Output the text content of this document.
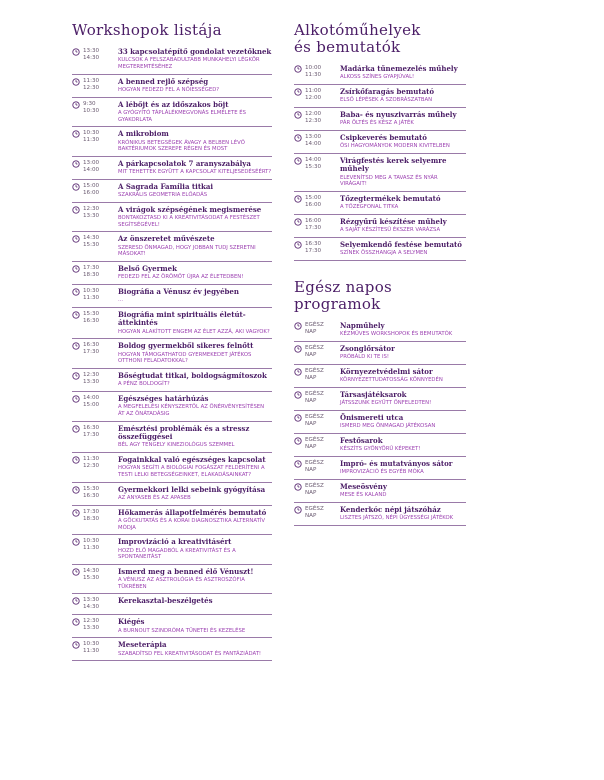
Workshopok listája
13:30
14:30
33 kapcsolatépítő gondolat vezetőknek
KULCSOK A FELSZABADULTABB MUNKAHELYI LÉGKÖR MEGTEREMTÉSÉHEZ
11:30
12:30
A benned rejlő szépség
HOGYAN FEDEZD FEL A NŐIESSÉGED?
9:30
10:30
A lébőjt és az időszakos böjt
A GYÓGYÍTÓ TÁPLÁLÉKMEGVONÁS ELMÉLETE ÉS GYAKORLATA
10:30
11:30
A mikrobiom
KRÓNIKUS BETEGSÉGEK ÁVAGY A BELBEN LÉVŐ BAKTÉRIUMOK SZEREPE RÉGEN ÉS MOST
13:00
14:00
A párkapcsolatok 7 aranyszabálya
MIT TEHETTEK EGYÜTT A KAPCSOLAT KITELJESEDÉSÉÉRT?
15:00
16:00
A Sagrada Família titkai
SZAKRÁLIS GEOMETRIA ELŐADÁS
12:30
13:30
A virágok szépségének megismerése
BONTAKOZTASD KI A KREATIVITÁSODAT A FESTÉSZET SEGÍTSÉGÉVEL!
14:30
15:30
Az önszeretet művészete
SZERESD ÖNMAGAD, HOGY JOBBAN TUDJ SZERETNI MÁSOKAT!
17:30
18:30
Belső Gyermek
FEDEZD FEL AZ ÖRÖMÖT ÚJRA AZ ÉLETEDBEN!
10:30
11:30
Biográfia a Vénusz év jegyében
...
15:30
16:30
Biográfia mint spirituális életút-áttekintés
HOGYAN ALAKÍTOTT ENGEM AZ ÉLET AZZÁ, AKI VAGYOK?
16:30
17:30
Boldog gyermekből sikeres felnőtt
HOGYAN TÁMOGATHATOD GYERMEKEDET JÁTÉKOS OTTHONI FELADATOKKAL?
12:30
13:30
Bőségtudat titkai, boldogságmítoszok
A PÉNZ BOLDOGÍT?
14:00
15:00
Egészséges határhúzás
A MEGFELELÉSI KÉNYSZERTŐL AZ ÖNÉRVÉNYESÍTÉSEN ÁT AZ ÖNÁTADÁSIG
16:30
17:30
Emésztési problémák és a stressz összefüggései
BÉL AGY TENGELY KINEZIOLÓGUS SZEMMEL
11:30
12:30
Fogainkkal való egészséges kapcsolat
HOGYAN SEGÍTI A BIOLÓGIAI FOGÁSZAT FELDERÍTENI A TESTI LELKI BETEGSÉGEINKET, ELAKADÁSAINKAT?
15:30
16:30
Gyermekkori lelki sebeink gyógyítása
AZ ANYASEB ÉS AZ APASEB
17:30
18:30
Hőkamerás állapotfelmérés bemutató
A GÖCKUTATÁS ÉS A KORAI DIAGNOSZTIKA ALTERNATÍV MÓDJA
10:30
11:30
Improvizáció a kreativitásért
HOZD ELŐ MAGADBÓL A KREATIVITÁST ÉS A SPONTANEITÁST
14:30
15:30
Ismerd meg a benned élő Vénuszt!
A VÉNUSZ AZ ASZTROLÓGIA ÉS ASZTROSZÓFIA TÜKRÉBEN
13:30
14:30
Kerekasztal-beszélgetés
12:30
13:30
Kiégés
A BURNOUT SZINDRÓMA TÜNETEI ÉS KEZELÉSE
10:30
11:30
Meseterápia
SZABADÍTSD FEL KREATIVITÁSODAT ÉS FANTÁZIÁDAT!
Alkotóműhelyek és bemutatók
10:00
11:30
Madárka tűnemezelés műhely
ALKOSS SZÍNES GYAPJÚVAL!
11:00
12:00
Zsírkőfaragás bemutató
ELSŐ LÉPÉSEK A SZOBRÁSZATBAN
12:00
12:30
Baba- és nyuszivarrás műhely
PÁR ÖLTÉS ÉS KÉSZ A JÁTÉK
13:00
14:00
Csipkeverés bemutató
ŐSI HAGYOMÁNYOK MODERN KIVITELBEN
14:00
15:30
Virágfestés kerek selyemre műhely
ELEVENÍTSD MEG A TAVASZ ÉS NYÁR VIRÁGAIT!
15:00
16:00
Tőzegtermékek bemutató
A TŐZEGFONAL TITKA
16:00
17:30
Rézgyűrű készítése műhely
A SAJÁT KÉSZÍTESŰ ÉKSZER VARÁZSA
16:30
17:30
Selyemkendő festése bemutató
SZÍNEK ÖSSZHANGJA A SELYMEN
Egész napos programok
EGÉSZ
NAP
Napműhely
KÉZMŰVES WORKSHOPOK ÉS BEMUTATÓK
EGÉSZ
NAP
Zsonglőrsátor
PRÓBÁLD KI TE IS!
EGÉSZ
NAP
Környezetvédelmi sátor
KÖRNYEZETTUDATOSSÁG KÖNNYEDÉN
EGÉSZ
NAP
Társasjátéksarok
JÁTSSZUNK EGYÜTT ÖNFELEDTEN!
EGÉSZ
NAP
Önismereti utca
ISMERD MEG ÖNMAGAD JÁTÉKOSAN
EGÉSZ
NAP
Festősarok
KÉSZÍTS GYÖNYÖRŰ KÉPEKET!
EGÉSZ
NAP
Impró- és mutatványos sátor
IMPROVIZÁCIÓ ÉS EGYÉB MÓKA
EGÉSZ
NAP
Meseösvény
MESE ÉS KALAND
EGÉSZ
NAP
Kenderkóc népi játszóház
LISZTES JÁTSZÓ, NÉPI ÜGYESSÉGI JÁTÉKOK
